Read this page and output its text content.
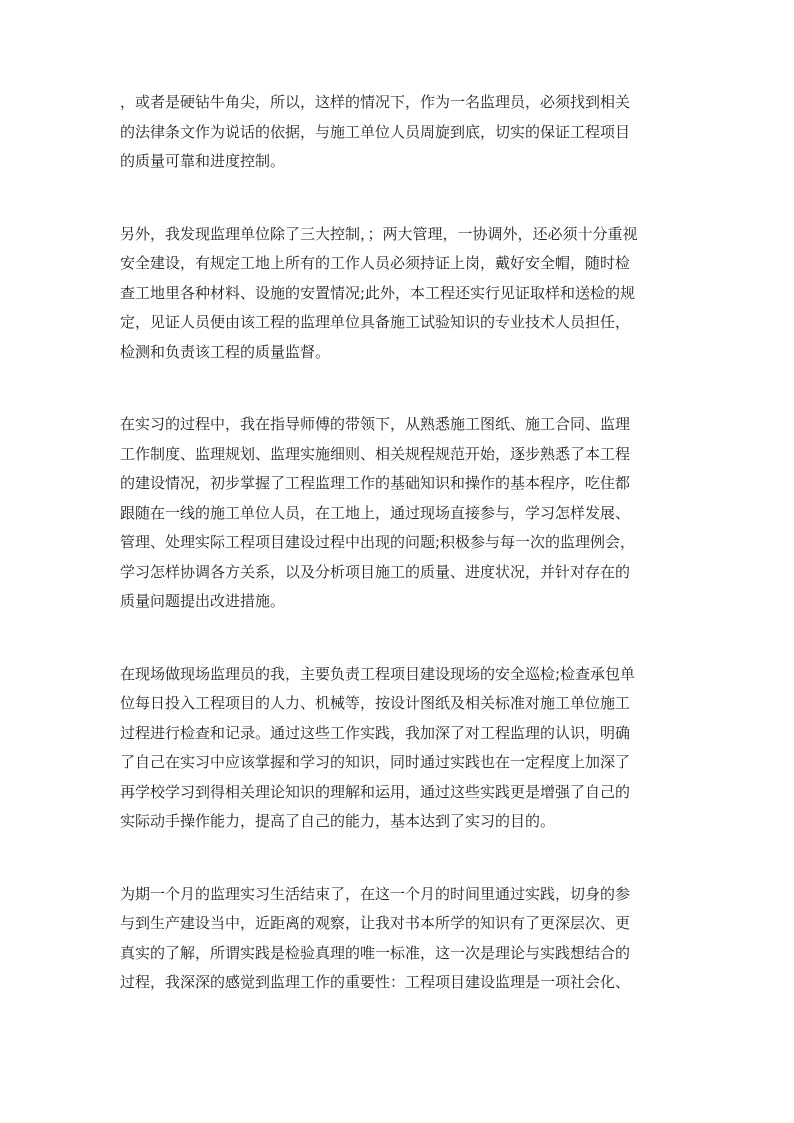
，或者是硬钻牛角尖，所以，这样的情况下，作为一名监理员，必须找到相关
的法律条文作为说话的依据，与施工单位人员周旋到底，切实的保证工程项目
的质量可靠和进度控制。
另外，我发现监理单位除了三大控制，；两大管理，一协调外，还必须十分重视
安全建设，有规定工地上所有的工作人员必须持证上岗，戴好安全帽，随时检
查工地里各种材料、设施的安置情况;此外，本工程还实行见证取样和送检的规
定，见证人员便由该工程的监理单位具备施工试验知识的专业技术人员担任，
检测和负责该工程的质量监督。
在实习的过程中，我在指导师傅的带领下，从熟悉施工图纸、施工合同、监理
工作制度、监理规划、监理实施细则、相关规程规范开始，逐步熟悉了本工程
的建设情况，初步掌握了工程监理工作的基础知识和操作的基本程序，吃住都
跟随在一线的施工单位人员，在工地上，通过现场直接参与，学习怎样发展、
管理、处理实际工程项目建设过程中出现的问题;积极参与每一次的监理例会，
学习怎样协调各方关系，以及分析项目施工的质量、进度状况，并针对存在的
质量问题提出改进措施。
在现场做现场监理员的我，主要负责工程项目建设现场的安全巡检;检查承包单
位每日投入工程项目的人力、机械等，按设计图纸及相关标准对施工单位施工
过程进行检查和记录。通过这些工作实践，我加深了对工程监理的认识，明确
了自己在实习中应该掌握和学习的知识，同时通过实践也在一定程度上加深了
再学校学习到得相关理论知识的理解和运用，通过这些实践更是增强了自己的
实际动手操作能力，提高了自己的能力，基本达到了实习的目的。
为期一个月的监理实习生活结束了，在这一个月的时间里通过实践，切身的参
与到生产建设当中，近距离的观察，让我对书本所学的知识有了更深层次、更
真实的了解，所谓实践是检验真理的唯一标准，这一次是理论与实践想结合的
过程，我深深的感觉到监理工作的重要性：工程项目建设监理是一项社会化、
